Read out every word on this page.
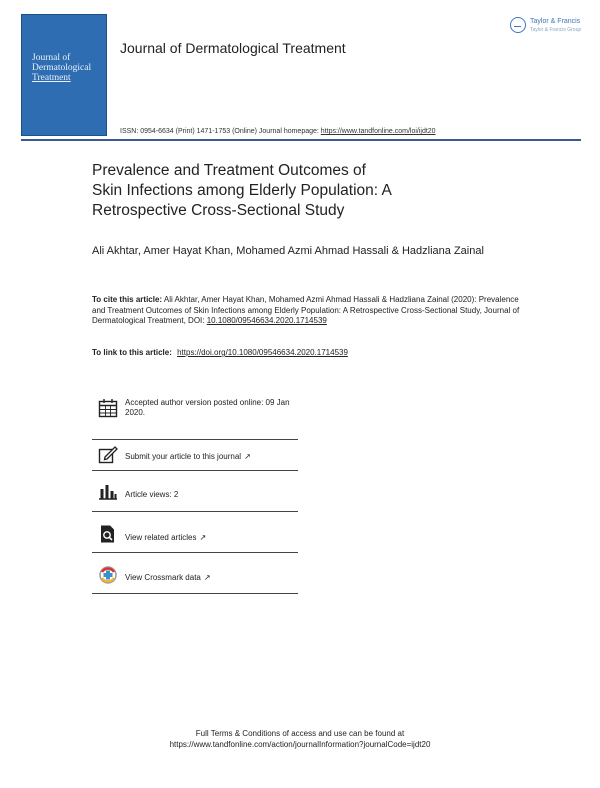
Journal of
Dermatological
Treatment
Journal of Dermatological Treatment
Taylor & Francis
Taylor & Francis Group
ISSN: 0954-6634 (Print) 1471-1753 (Online) Journal homepage: https://www.tandfonline.com/loi/ijdt20
Prevalence and Treatment Outcomes of
Skin Infections among Elderly Population: A
Retrospective Cross-Sectional Study
Ali Akhtar, Amer Hayat Khan, Mohamed Azmi Ahmad Hassali & Hadzliana Zainal
To cite this article: Ali Akhtar, Amer Hayat Khan, Mohamed Azmi Ahmad Hassali & Hadzliana Zainal (2020): Prevalence and Treatment Outcomes of Skin Infections among Elderly Population: A Retrospective Cross-Sectional Study, Journal of Dermatological Treatment, DOI: 10.1080/09546634.2020.1714539
To link to this article: https://doi.org/10.1080/09546634.2020.1714539
Accepted author version posted online: 09 Jan 2020.
Submit your article to this journal ↗
Article views: 2
View related articles ↗
View Crossmark data ↗
Full Terms & Conditions of access and use can be found at
https://www.tandfonline.com/action/journalInformation?journalCode=ijdt20
